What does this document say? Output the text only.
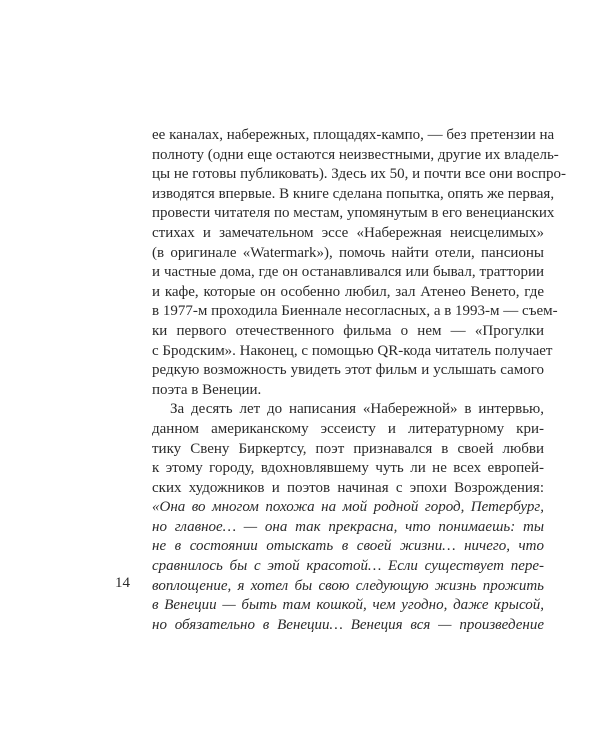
ее каналах, набережных, площадях-кампо, — без претензии на
полноту (одни еще остаются неизвестными, другие их владель-
цы не готовы публиковать). Здесь их 50, и почти все они воспро-
изводятся впервые. В книге сделана попытка, опять же первая,
провести читателя по местам, упомянутым в его венецианских
стихах и замечательном эссе «Набережная неисцелимых»
(в оригинале «Watermark»), помочь найти отели, пансионы
и частные дома, где он останавливался или бывал, траттории
и кафе, которые он особенно любил, зал Атенео Венето, где
в 1977-м проходила Биеннале несогласных, а в 1993-м — съем-
ки первого отечественного фильма о нем — «Прогулки
с Бродским». Наконец, с помощью QR-кода читатель получает
редкую возможность увидеть этот фильм и услышать самого
поэта в Венеции.
За десять лет до написания «Набережной» в интервью,
данном американскому эссеисту и литературному кри-
тику Свену Биркертсу, поэт признавался в своей любви
к этому городу, вдохновлявшему чуть ли не всех европей-
ских художников и поэтов начиная с эпохи Возрождения:
«Она во многом похожа на мой родной город, Петербург,
но главное… — она так прекрасна, что понимаешь: ты
не в состоянии отыскать в своей жизни… ничего, что
сравнилось бы с этой красотой… Если существует пере-
воплощение, я хотел бы свою следующую жизнь прожить
в Венеции — быть там кошкой, чем угодно, даже крысой,
но обязательно в Венеции… Венеция вся — произведение
14
